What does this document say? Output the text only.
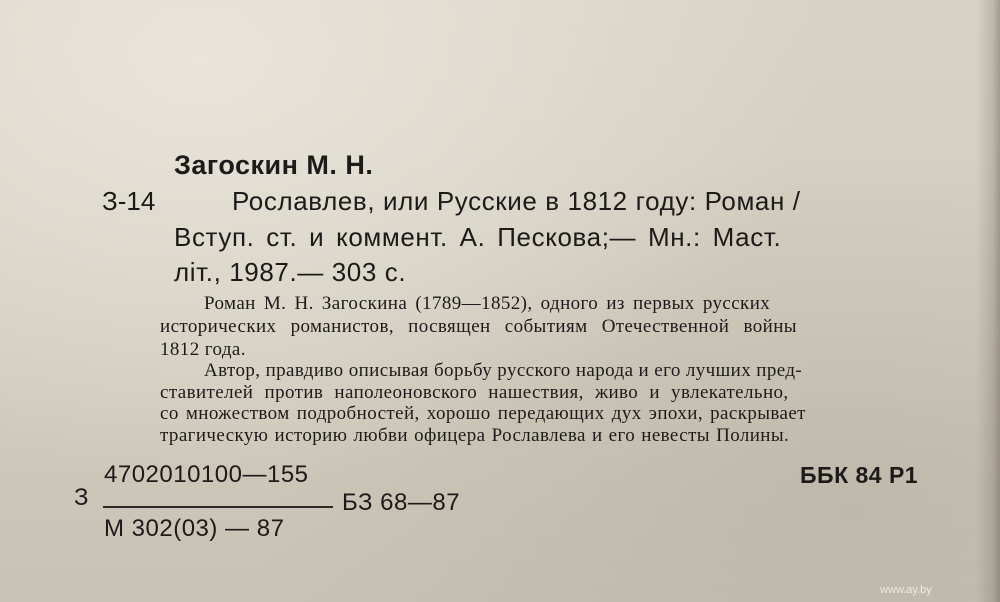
Загоскин М. Н.
З-14	Рославлев, или Русские в 1812 году: Роман /
Вступ. ст. и коммент. А. Пескова;— Мн.: Маст.
літ., 1987.— 303 с.
Роман М. Н. Загоскина (1789—1852), одного из первых русских
исторических романистов, посвящен событиям Отечественной войны
1812 года.
Автор, правдиво описывая борьбу русского народа и его лучших пред-
ставителей против наполеоновского нашествия, живо и увлекательно,
со множеством подробностей, хорошо передающих дух эпохи, раскрывает
трагическую историю любви офицера Рославлева и его невесты Полины.
4702010100—155
З
М 302(03) — 87
БЗ 68—87
ББК 84 Р1
www.ay.by
